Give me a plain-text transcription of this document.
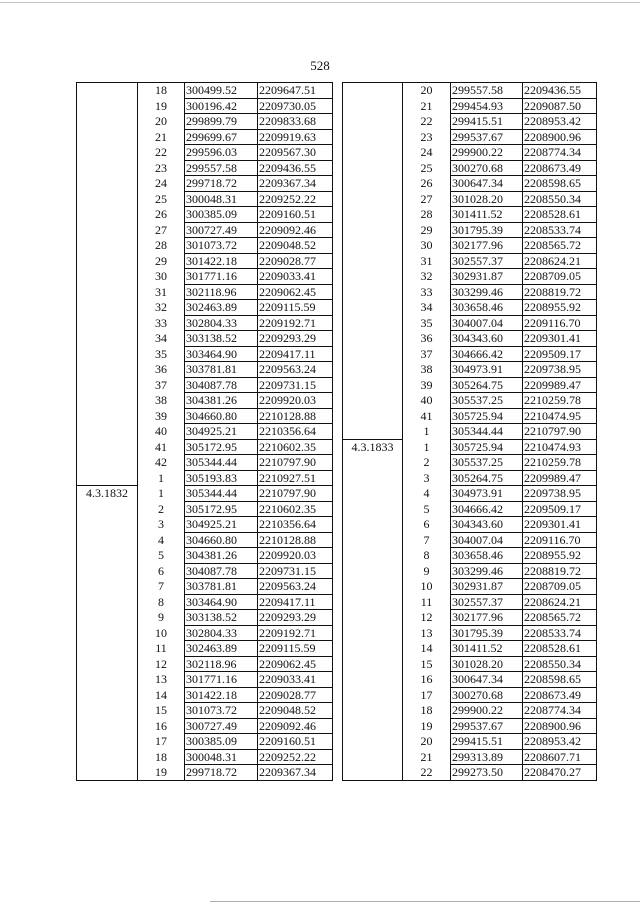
528
	18	300499.52	2209647.51
	19	300196.42	2209730.05
	20	299899.79	2209833.68
	21	299699.67	2209919.63
	22	299596.03	2209567.30
	23	299557.58	2209436.55
	24	299718.72	2209367.34
	25	300048.31	2209252.22
	26	300385.09	2209160.51
	27	300727.49	2209092.46
	28	301073.72	2209048.52
	29	301422.18	2209028.77
	30	301771.16	2209033.41
	31	302118.96	2209062.45
	32	302463.89	2209115.59
	33	302804.33	2209192.71
	34	303138.52	2209293.29
	35	303464.90	2209417.11
	36	303781.81	2209563.24
	37	304087.78	2209731.15
	38	304381.26	2209920.03
	39	304660.80	2210128.88
	40	304925.21	2210356.64
	41	305172.95	2210602.35
	42	305344.44	2210797.90
	1	305193.83	2210927.51
4.3.1832	1	305344.44	2210797.90
	2	305172.95	2210602.35
	3	304925.21	2210356.64
	4	304660.80	2210128.88
	5	304381.26	2209920.03
	6	304087.78	2209731.15
	7	303781.81	2209563.24
	8	303464.90	2209417.11
	9	303138.52	2209293.29
	10	302804.33	2209192.71
	11	302463.89	2209115.59
	12	302118.96	2209062.45
	13	301771.16	2209033.41
	14	301422.18	2209028.77
	15	301073.72	2209048.52
	16	300727.49	2209092.46
	17	300385.09	2209160.51
	18	300048.31	2209252.22
	19	299718.72	2209367.34
	20	299557.58	2209436.55
	21	299454.93	2209087.50
	22	299415.51	2208953.42
	23	299537.67	2208900.96
	24	299900.22	2208774.34
	25	300270.68	2208673.49
	26	300647.34	2208598.65
	27	301028.20	2208550.34
	28	301411.52	2208528.61
	29	301795.39	2208533.74
	30	302177.96	2208565.72
	31	302557.37	2208624.21
	32	302931.87	2208709.05
	33	303299.46	2208819.72
	34	303658.46	2208955.92
	35	304007.04	2209116.70
	36	304343.60	2209301.41
	37	304666.42	2209509.17
	38	304973.91	2209738.95
	39	305264.75	2209989.47
	40	305537.25	2210259.78
	41	305725.94	2210474.95
	1	305344.44	2210797.90
4.3.1833	1	305725.94	2210474.93
	2	305537.25	2210259.78
	3	305264.75	2209989.47
	4	304973.91	2209738.95
	5	304666.42	2209509.17
	6	304343.60	2209301.41
	7	304007.04	2209116.70
	8	303658.46	2208955.92
	9	303299.46	2208819.72
	10	302931.87	2208709.05
	11	302557.37	2208624.21
	12	302177.96	2208565.72
	13	301795.39	2208533.74
	14	301411.52	2208528.61
	15	301028.20	2208550.34
	16	300647.34	2208598.65
	17	300270.68	2208673.49
	18	299900.22	2208774.34
	19	299537.67	2208900.96
	20	299415.51	2208953.42
	21	299313.89	2208607.71
	22	299273.50	2208470.27
